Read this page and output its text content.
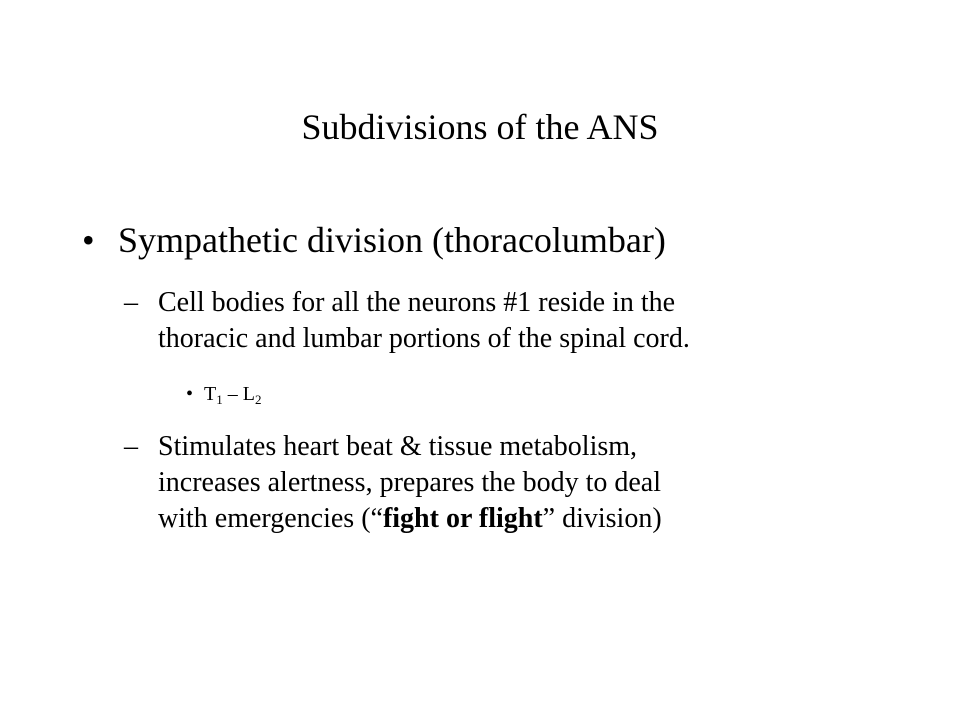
Subdivisions of the ANS
• Sympathetic division (thoracolumbar)
– Cell bodies for all the neurons #1 reside in the
thoracic and lumbar portions of the spinal cord.
• $T_1 - L_2$
– Stimulates heart beat & tissue metabolism,
increases alertness, prepares the body to deal
with emergencies (“fight or flight” division)
